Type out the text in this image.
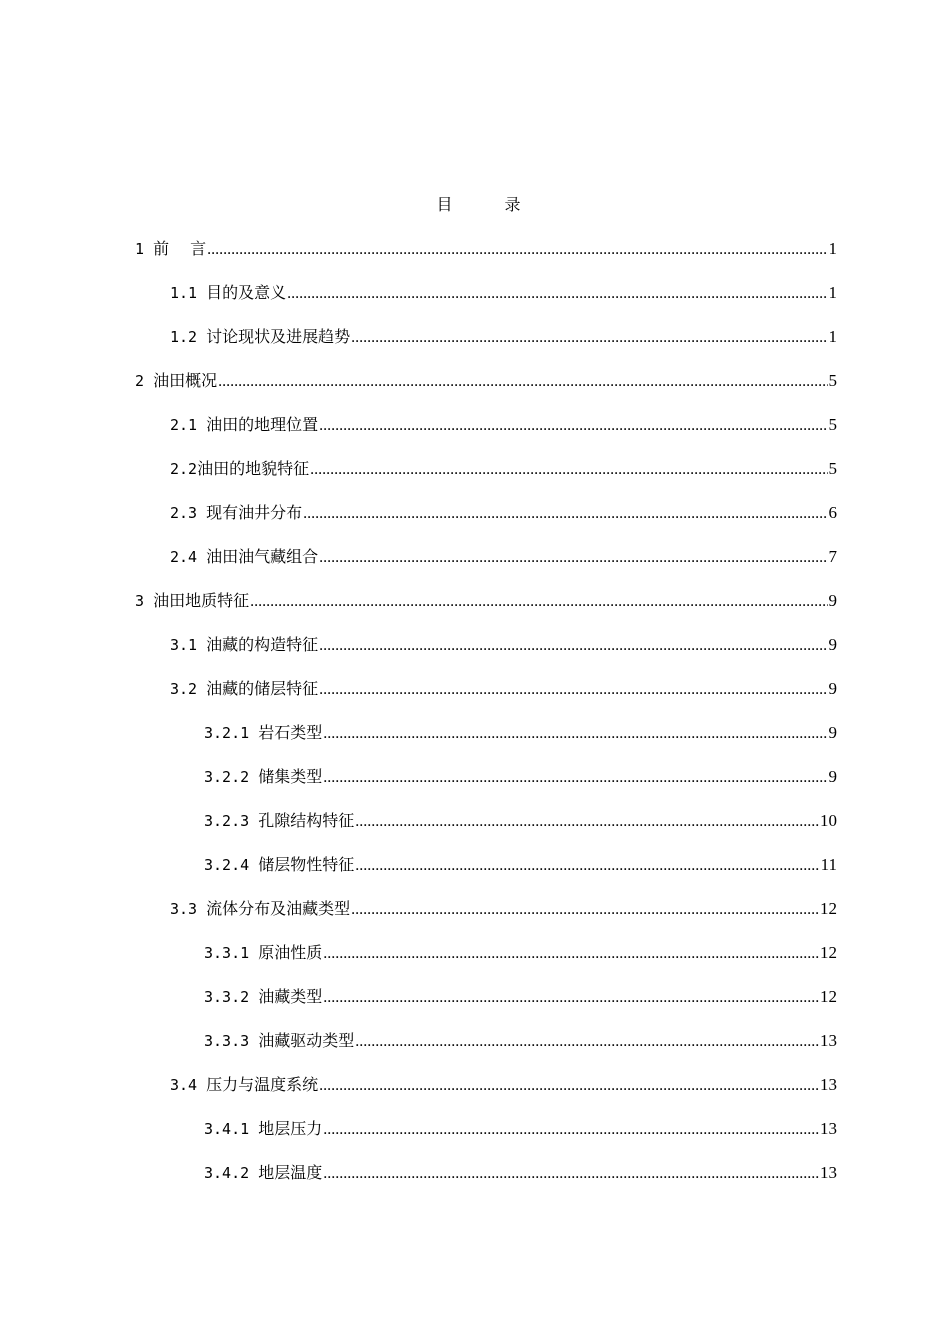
目　录
1 前　 言 .....	1
1.1 目的及意义 .....	1
1.2 讨论现状及进展趋势 .....	1
2 油田概况 .....	5
2.1 油田的地理位置 .....	5
2.2 油田的地貌特征 .....	5
2.3 现有油井分布 .....	6
2.4 油田油气藏组合 .....	7
3 油田地质特征 .....	9
3.1 油藏的构造特征 .....	9
3.2 油藏的储层特征 .....	9
3.2.1 岩石类型 .....	9
3.2.2 储集类型 .....	9
3.2.3 孔隙结构特征 .....	10
3.2.4 储层物性特征 .....	11
3.3 流体分布及油藏类型 .....	12
3.3.1 原油性质 .....	12
3.3.2 油藏类型 .....	12
3.3.3 油藏驱动类型 .....	13
3.4 压力与温度系统 .....	13
3.4.1 地层压力 .....	13
3.4.2 地层温度 .....	13
